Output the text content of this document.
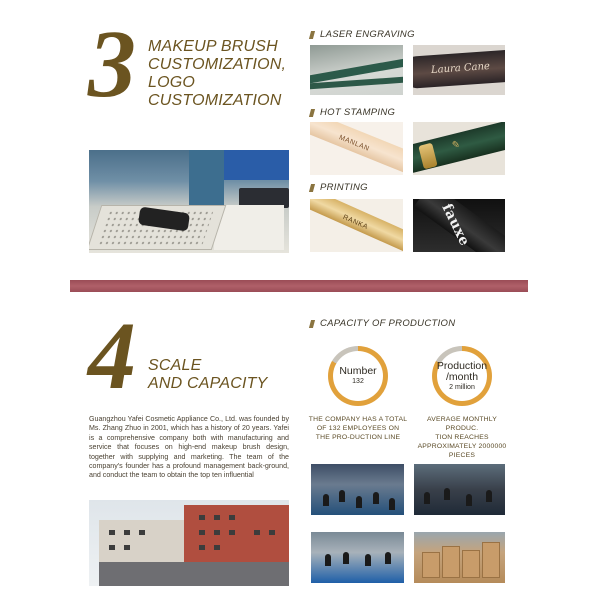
3 MAKEUP BRUSH
CUSTOMIZATION,
LOGO
CUSTOMIZATION
LASER ENGRAVING
Laura Cane
HOT STAMPING
MANLAN	✎
PRINTING
RANKA	fauxe
4 SCALE
AND CAPACITY
CAPACITY OF PRODUCTION
Number
132
Production
/month
2 million
THE COMPANY HAS A TOTAL
OF 132 EMPLOYEES ON
THE PRO-DUCTION LINE
AVERAGE MONTHLY PRODUC.
TION REACHES
APPROXIMATELY 2000000 PIECES
Guangzhou Yafei Cosmetic Appliance Co., Ltd. was founded by Ms. Zhang Zhuo in 2001, which has a history of 20 years. Yafei is a comprehensive company both with manufacturing and service that focuses on high-end makeup brush design, together with supplying and marketing. The team of the company's founder has a profound management back-ground, and conduct the team to obtain the top ten influential
